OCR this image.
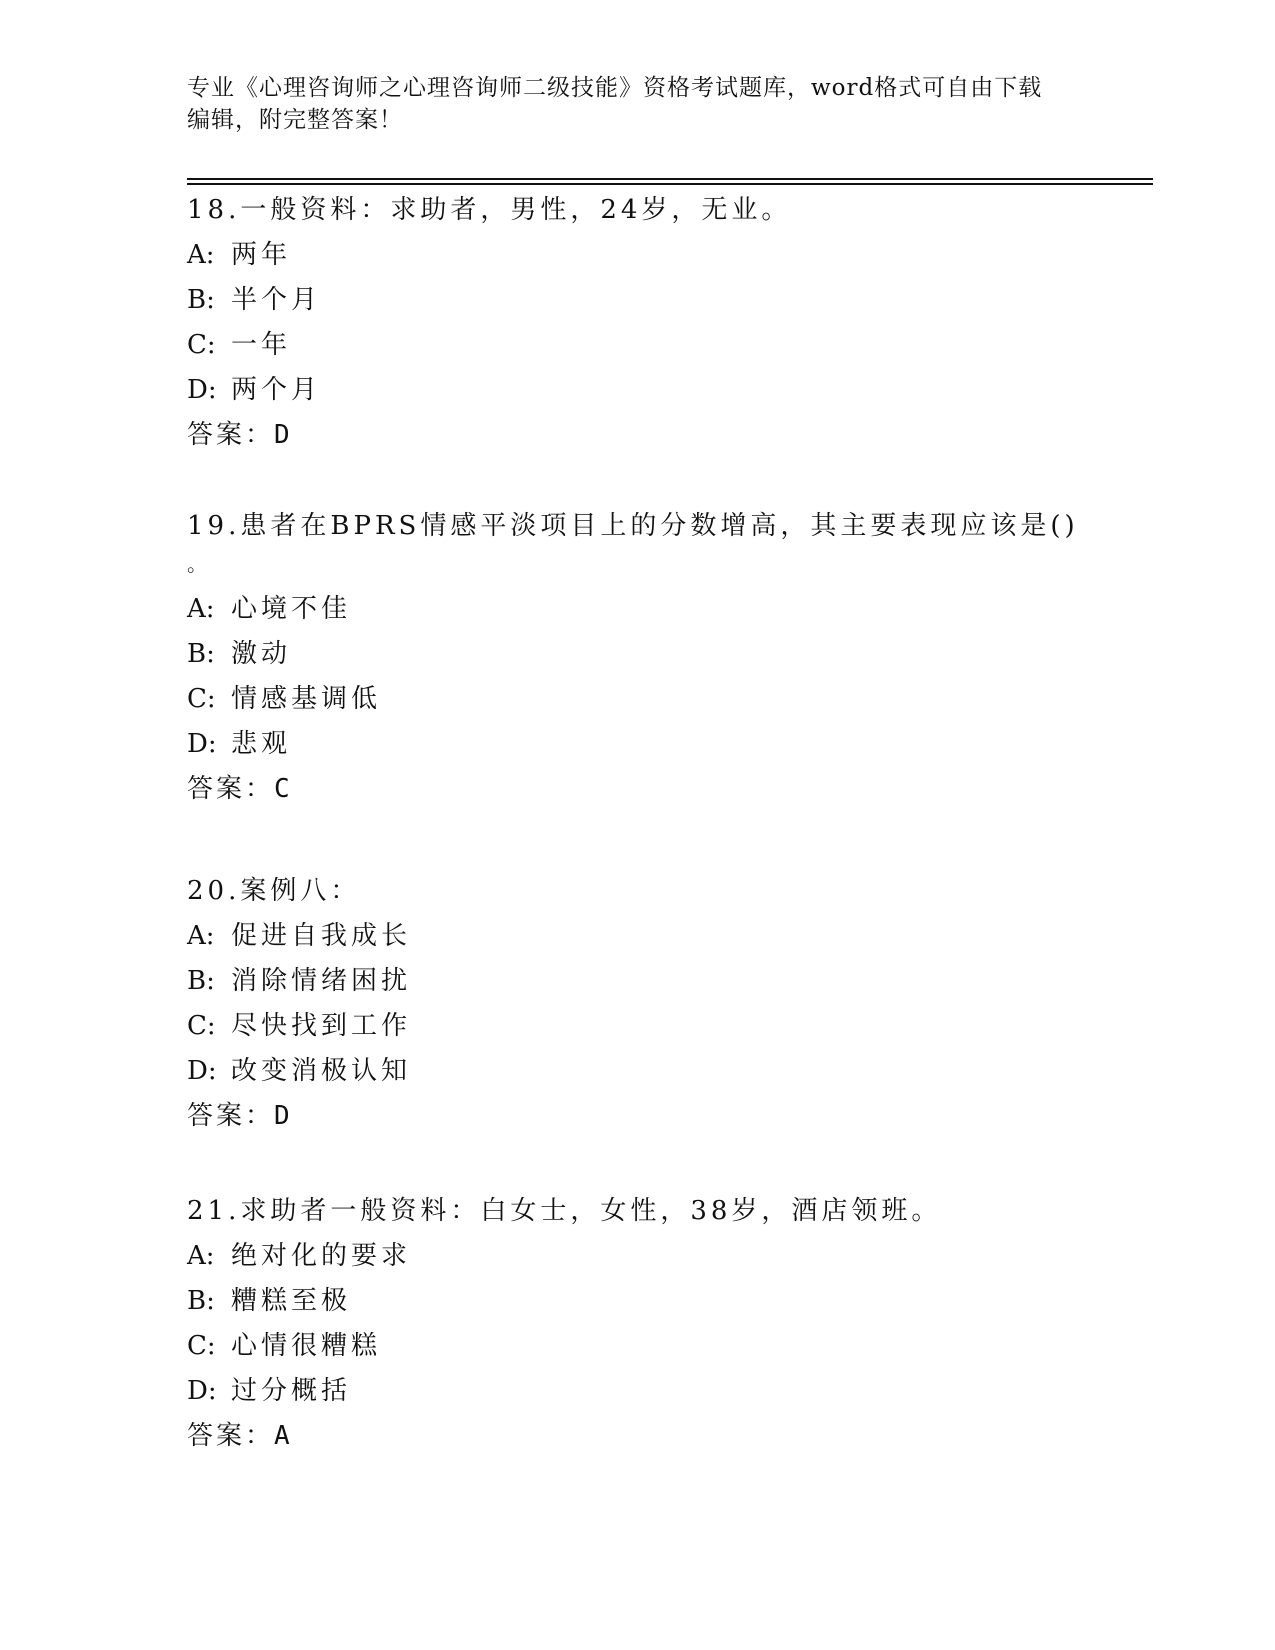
专业《心理咨询师之心理咨询师二级技能》资格考试题库，word格式可自由下载
编辑，附完整答案！
18.一般资料：求助者，男性，24岁，无业。
A: 两年
B: 半个月
C: 一年
D: 两个月
答案：D
19.患者在BPRS情感平淡项目上的分数增高，其主要表现应该是()
。
A: 心境不佳
B: 激动
C: 情感基调低
D: 悲观
答案：C
20.案例八：
A: 促进自我成长
B: 消除情绪困扰
C: 尽快找到工作
D: 改变消极认知
答案：D
21.求助者一般资料：白女士，女性，38岁，酒店领班。
A: 绝对化的要求
B: 糟糕至极
C: 心情很糟糕
D: 过分概括
答案：A
